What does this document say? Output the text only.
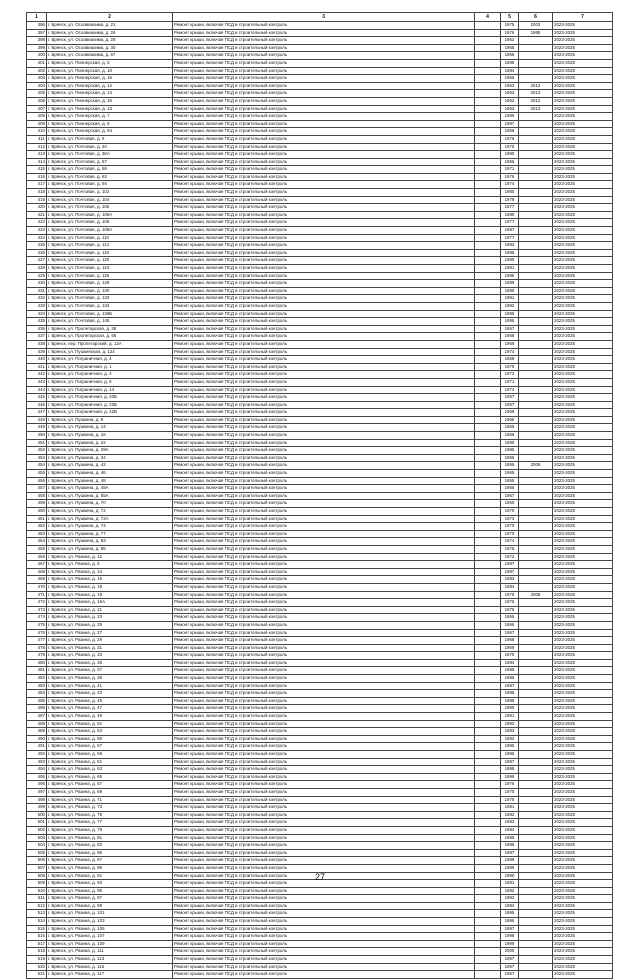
1	2	3	4	5	6	7
396	г. Брянск, ул. Осоавиахима, д. 21	Ремонт крыши, включая ПСД и строительный контроль		1975	2003	2023-2025
397	г. Брянск, ул. Осоавиахима, д. 26	Ремонт крыши, включая ПСД и строительный контроль		1976	1985	2023-2025
398	г. Брянск, ул. Осоавиахима, д. 28	Ремонт крыши, включая ПСД и строительный контроль		1962		2023-2025
399	г. Брянск, ул. Осоавиахима, д. 30	Ремонт крыши, включая ПСД и строительный контроль		1965		2023-2025
400	г. Брянск, ул. Осоавиахима, д. 67	Ремонт крыши, включая ПСД и строительный контроль		1966		2023-2025
401	г. Брянск, ул. Пионерская, д. 5	Ремонт крыши, включая ПСД и строительный контроль		1995		2023-2025
402	г. Брянск, ул. Пионерская, д. 10	Ремонт крыши, включая ПСД и строительный контроль		1984		2023-2025
403	г. Брянск, ул. Пионерская, д. 15	Ремонт крыши, включая ПСД и строительный контроль		1966		2023-2025
404	г. Брянск, ул. Пионерская, д. 12	Ремонт крыши, включая ПСД и строительный контроль		1963	2013	2023-2025
405	г. Брянск, ул. Пионерская, д. 14	Ремонт крыши, включая ПСД и строительный контроль		1963	2013	2023-2025
406	г. Брянск, ул. Пионерская, д. 16	Ремонт крыши, включая ПСД и строительный контроль		1962	2012	2023-2025
407	г. Брянск, ул. Пионерская, д. 13	Ремонт крыши, включая ПСД и строительный контроль		1963	2013	2023-2025
408	г. Брянск, ул. Пионерская, д. 7	Ремонт крыши, включая ПСД и строительный контроль		1985		2023-2025
409	г. Брянск, ул. Пионерская, д. 5	Ремонт крыши, включая ПСД и строительный контроль		1987		2023-2025
410	г. Брянск, ул. Пионерская, д. 54	Ремонт крыши, включая ПСД и строительный контроль		1958		2023-2025
411	г. Брянск, ул. Почтовая, д. 6	Ремонт крыши, включая ПСД и строительный контроль		1976		2023-2025
412	г. Брянск, ул. Почтовая, д. 34	Ремонт крыши, включая ПСД и строительный контроль		1975		2023-2025
413	г. Брянск, ул. Почтовая, д. 36А	Ремонт крыши, включая ПСД и строительный контроль		1990		2023-2025
414	г. Брянск, ул. Почтовая, д. 57	Ремонт крыши, включая ПСД и строительный контроль		1966		2023-2025
415	г. Брянск, ул. Почтовая, д. 59	Ремонт крыши, включая ПСД и строительный контроль		1971		2023-2025
416	г. Брянск, ул. Почтовая, д. 63	Ремонт крыши, включая ПСД и строительный контроль		1976		2023-2025
417	г. Брянск, ул. Почтовая, д. 94	Ремонт крыши, включая ПСД и строительный контроль		1974		2023-2025
418	г. Брянск, ул. Почтовая, д. 102	Ремонт крыши, включая ПСД и строительный контроль		1980		2023-2025
419	г. Брянск, ул. Почтовая, д. 104	Ремонт крыши, включая ПСД и строительный контроль		1979		2023-2025
420	г. Брянск, ул. Почтовая, д. 106	Ремонт крыши, включая ПСД и строительный контроль		1977		2023-2025
421	г. Брянск, ул. Почтовая, д. 106А	Ремонт крыши, включая ПСД и строительный контроль		1980		2023-2025
422	г. Брянск, ул. Почтовая, д. 108	Ремонт крыши, включая ПСД и строительный контроль		1977		2023-2025
423	г. Брянск, ул. Почтовая, д. 108А	Ремонт крыши, включая ПСД и строительный контроль		1987		2023-2025
424	г. Брянск, ул. Почтовая, д. 110	Ремонт крыши, включая ПСД и строительный контроль		1977		2023-2025
425	г. Брянск, ул. Почтовая, д. 114	Ремонт крыши, включая ПСД и строительный контроль		1983		2023-2025
426	г. Брянск, ул. Почтовая, д. 116	Ремонт крыши, включая ПСД и строительный контроль		1988		2023-2025
427	г. Брянск, ул. Почтовая, д. 120	Ремонт крыши, включая ПСД и строительный контроль		1980		2023-2025
428	г. Брянск, ул. Почтовая, д. 124	Ремонт крыши, включая ПСД и строительный контроль		1981		2023-2025
429	г. Брянск, ул. Почтовая, д. 126	Ремонт крыши, включая ПСД и строительный контроль		1986		2023-2025
430	г. Брянск, ул. Почтовая, д. 128	Ремонт крыши, включая ПСД и строительный контроль		1989		2023-2025
431	г. Брянск, ул. Почтовая, д. 130	Ремонт крыши, включая ПСД и строительный контроль		1990		2023-2025
432	г. Брянск, ул. Почтовая, д. 132	Ремонт крыши, включая ПСД и строительный контроль		1991		2023-2025
433	г. Брянск, ул. Почтовая, д. 134	Ремонт крыши, включая ПСД и строительный контроль		1992		2023-2025
434	г. Брянск, ул. Почтовая, д. 136Б	Ремонт крыши, включая ПСД и строительный контроль		1995		2023-2025
435	г. Брянск, ул. Почтовая, д. 145	Ремонт крыши, включая ПСД и строительный контроль		1995		2023-2025
436	г. Брянск, ул. Пролетарская, д. 28	Ремонт крыши, включая ПСД и строительный контроль		1957		2023-2025
437	г. Брянск, ул. Пролетарская, д. 66	Ремонт крыши, включая ПСД и строительный контроль		1968		2023-2025
438	г. Брянск, пер. Пролетарский, д. 12А	Ремонт крыши, включая ПСД и строительный контроль		1969		2023-2025
439	г. Брянск, ул. Пушкинская, д. 124	Ремонт крыши, включая ПСД и строительный контроль		1974		2023-2025
440	г. Брянск, ул. Пограничная, д. 4	Ремонт крыши, включая ПСД и строительный контроль		1968		2023-2025
441	г. Брянск, ул. Пограничная, д. 1	Ремонт крыши, включая ПСД и строительный контроль		1979		2023-2025
442	г. Брянск, ул. Пограничная, д. 2	Ремонт крыши, включая ПСД и строительный контроль		1972		2023-2025
443	г. Брянск, ул. Пограничная, д. 6	Ремонт крыши, включая ПСД и строительный контроль		1971		2023-2025
444	г. Брянск, ул. Пограничная, д. 14	Ремонт крыши, включая ПСД и строительный контроль		1974		2023-2025
445	г. Брянск, ул. Пограничная, д. 20Б	Ремонт крыши, включая ПСД и строительный контроль		1957		2023-2025
446	г. Брянск, ул. Пограничная, д. 22Б	Ремонт крыши, включая ПСД и строительный контроль		1957		2023-2025
447	г. Брянск, ул. Пограничная, д. 22В	Ремонт крыши, включая ПСД и строительный контроль		1968		2023-2025
448	г. Брянск, ул. Пушкина, д. 9	Ремонт крыши, включая ПСД и строительный контроль		1968		2023-2025
449	г. Брянск, ул. Пушкина, д. 14	Ремонт крыши, включая ПСД и строительный контроль		1965		2023-2025
450	г. Брянск, ул. Пушкина, д. 16	Ремонт крыши, включая ПСД и строительный контроль		1966		2023-2025
451	г. Брянск, ул. Пушкина, д. 22	Ремонт крыши, включая ПСД и строительный контроль		1990		2023-2025
452	г. Брянск, ул. Пушкина, д. 29А	Ремонт крыши, включая ПСД и строительный контроль		1985		2023-2025
453	г. Брянск, ул. Пушкина, д. 34	Ремонт крыши, включая ПСД и строительный контроль		1956		2023-2025
454	г. Брянск, ул. Пушкина, д. 42	Ремонт крыши, включая ПСД и строительный контроль		1955	2006	2023-2025
455	г. Брянск, ул. Пушкина, д. 46	Ремонт крыши, включая ПСД и строительный контроль		1965		2023-2025
456	г. Брянск, ул. Пушкина, д. 48	Ремонт крыши, включая ПСД и строительный контроль		1955		2023-2025
457	г. Брянск, ул. Пушкина, д. 48А	Ремонт крыши, включая ПСД и строительный контроль		1956		2023-2025
458	г. Брянск, ул. Пушкина, д. 55А	Ремонт крыши, включая ПСД и строительный контроль		1957		2023-2025
459	г. Брянск, ул. Пушкина, д. 70	Ремонт крыши, включая ПСД и строительный контроль		1960		2023-2025
460	г. Брянск, ул. Пушкина, д. 72	Ремонт крыши, включая ПСД и строительный контроль		1970		2023-2025
461	г. Брянск, ул. Пушкина, д. 72А	Ремонт крыши, включая ПСД и строительный контроль		1973		2023-2025
462	г. Брянск, ул. Пушкина, д. 74	Ремонт крыши, включая ПСД и строительный контроль		1970		2023-2025
463	г. Брянск, ул. Пушкина, д. 77	Ремонт крыши, включая ПСД и строительный контроль		1970		2023-2025
464	г. Брянск, ул. Пушкина, д. 83	Ремонт крыши, включая ПСД и строительный контроль		1974		2023-2025
465	г. Брянск, ул. Пушкина, д. 85	Ремонт крыши, включая ПСД и строительный контроль		1975		2023-2025
466	г. Брянск, ул. Разина, д. 12	Ремонт крыши, включая ПСД и строительный контроль		1972		2023-2025
467	г. Брянск, ул. Разина, д. 5	Ремонт крыши, включая ПСД и строительный контроль		1987		2023-2025
468	г. Брянск, ул. Разина, д. 14	Ремонт крыши, включая ПСД и строительный контроль		1987		2023-2025
469	г. Брянск, ул. Разина, д. 16	Ремонт крыши, включая ПСД и строительный контроль		1983		2023-2025
470	г. Брянск, ул. Разина, д. 18	Ремонт крыши, включая ПСД и строительный контроль		1984		2023-2025
471	г. Брянск, ул. Разина, д. 19	Ремонт крыши, включая ПСД и строительный контроль		1976	2008	2023-2025
472	г. Брянск, ул. Разина, д. 16А	Ремонт крыши, включая ПСД и строительный контроль		1976		2023-2025
473	г. Брянск, ул. Разина, д. 21	Ремонт крыши, включая ПСД и строительный контроль		1975		2023-2025
474	г. Брянск, ул. Разина, д. 23	Ремонт крыши, включая ПСД и строительный контроль		1965		2023-2025
475	г. Брянск, ул. Разина, д. 25	Ремонт крыши, включая ПСД и строительный контроль		1966		2023-2025
476	г. Брянск, ул. Разина, д. 27	Ремонт крыши, включая ПСД и строительный контроль		1967		2023-2025
477	г. Брянск, ул. Разина, д. 29	Ремонт крыши, включая ПСД и строительный контроль		1968		2023-2025
478	г. Брянск, ул. Разина, д. 31	Ремонт крыши, включая ПСД и строительный контроль		1969		2023-2025
479	г. Брянск, ул. Разина, д. 33	Ремонт крыши, включая ПСД и строительный контроль		1970		2023-2025
480	г. Брянск, ул. Разина, д. 35	Ремонт крыши, включая ПСД и строительный контроль		1984		2023-2025
481	г. Брянск, ул. Разина, д. 37	Ремонт крыши, включая ПСД и строительный контроль		1985		2023-2025
482	г. Брянск, ул. Разина, д. 39	Ремонт крыши, включая ПСД и строительный контроль		1986		2023-2025
483	г. Брянск, ул. Разина, д. 41	Ремонт крыши, включая ПСД и строительный контроль		1987		2023-2025
484	г. Брянск, ул. Разина, д. 43	Ремонт крыши, включая ПСД и строительный контроль		1988		2023-2025
485	г. Брянск, ул. Разина, д. 45	Ремонт крыши, включая ПСД и строительный контроль		1989		2023-2025
486	г. Брянск, ул. Разина, д. 47	Ремонт крыши, включая ПСД и строительный контроль		1990		2023-2025
487	г. Брянск, ул. Разина, д. 49	Ремонт крыши, включая ПСД и строительный контроль		1991		2023-2025
488	г. Брянск, ул. Разина, д. 51	Ремонт крыши, включая ПСД и строительный контроль		1992		2023-2025
489	г. Брянск, ул. Разина, д. 53	Ремонт крыши, включая ПСД и строительный контроль		1993		2023-2025
490	г. Брянск, ул. Разина, д. 55	Ремонт крыши, включая ПСД и строительный контроль		1994		2023-2025
491	г. Брянск, ул. Разина, д. 57	Ремонт крыши, включая ПСД и строительный контроль		1995		2023-2025
492	г. Брянск, ул. Разина, д. 59	Ремонт крыши, включая ПСД и строительный контроль		1996		2023-2025
493	г. Брянск, ул. Разина, д. 61	Ремонт крыши, включая ПСД и строительный контроль		1997		2023-2025
494	г. Брянск, ул. Разина, д. 63	Ремонт крыши, включая ПСД и строительный контроль		1998		2023-2025
495	г. Брянск, ул. Разина, д. 65	Ремонт крыши, включая ПСД и строительный контроль		1999		2023-2025
496	г. Брянск, ул. Разина, д. 67	Ремонт крыши, включая ПСД и строительный контроль		1976		2023-2025
497	г. Брянск, ул. Разина, д. 69	Ремонт крыши, включая ПСД и строительный контроль		1970		2023-2025
498	г. Брянск, ул. Разина, д. 71	Ремонт крыши, включая ПСД и строительный контроль		1975		2023-2025
499	г. Брянск, ул. Разина, д. 73	Ремонт крыши, включая ПСД и строительный контроль		1981		2023-2025
500	г. Брянск, ул. Разина, д. 75	Ремонт крыши, включая ПСД и строительный контроль		1982		2023-2025
501	г. Брянск, ул. Разина, д. 77	Ремонт крыши, включая ПСД и строительный контроль		1983		2023-2025
502	г. Брянск, ул. Разина, д. 79	Ремонт крыши, включая ПСД и строительный контроль		1984		2023-2025
503	г. Брянск, ул. Разина, д. 81	Ремонт крыши, включая ПСД и строительный контроль		1985		2023-2025
504	г. Брянск, ул. Разина, д. 83	Ремонт крыши, включая ПСД и строительный контроль		1986		2023-2025
505	г. Брянск, ул. Разина, д. 85	Ремонт крыши, включая ПСД и строительный контроль		1987		2023-2025
506	г. Брянск, ул. Разина, д. 87	Ремонт крыши, включая ПСД и строительный контроль		1988		2023-2025
507	г. Брянск, ул. Разина, д. 89	Ремонт крыши, включая ПСД и строительный контроль		1989		2023-2025
508	г. Брянск, ул. Разина, д. 91	Ремонт крыши, включая ПСД и строительный контроль		1990		2023-2025
509	г. Брянск, ул. Разина, д. 93	Ремонт крыши, включая ПСД и строительный контроль		1991		2023-2025
510	г. Брянск, ул. Разина, д. 95	Ремонт крыши, включая ПСД и строительный контроль		1992		2023-2025
511	г. Брянск, ул. Разина, д. 97	Ремонт крыши, включая ПСД и строительный контроль		1993		2023-2025
512	г. Брянск, ул. Разина, д. 99	Ремонт крыши, включая ПСД и строительный контроль		1994		2023-2025
513	г. Брянск, ул. Разина, д. 101	Ремонт крыши, включая ПСД и строительный контроль		1995		2023-2025
514	г. Брянск, ул. Разина, д. 103	Ремонт крыши, включая ПСД и строительный контроль		1996		2023-2025
515	г. Брянск, ул. Разина, д. 105	Ремонт крыши, включая ПСД и строительный контроль		1997		2023-2025
516	г. Брянск, ул. Разина, д. 107	Ремонт крыши, включая ПСД и строительный контроль		1998		2023-2025
517	г. Брянск, ул. Разина, д. 109	Ремонт крыши, включая ПСД и строительный контроль		1999		2023-2025
518	г. Брянск, ул. Разина, д. 111	Ремонт крыши, включая ПСД и строительный контроль		2000		2023-2025
519	г. Брянск, ул. Разина, д. 113	Ремонт крыши, включая ПСД и строительный контроль		1957		2023-2025
520	г. Брянск, ул. Разина, д. 115	Ремонт крыши, включая ПСД и строительный контроль		1957		2023-2025
521	г. Брянск, ул. Разина, д. 117	Ремонт крыши, включая ПСД и строительный контроль		1957		2023-2025
27
